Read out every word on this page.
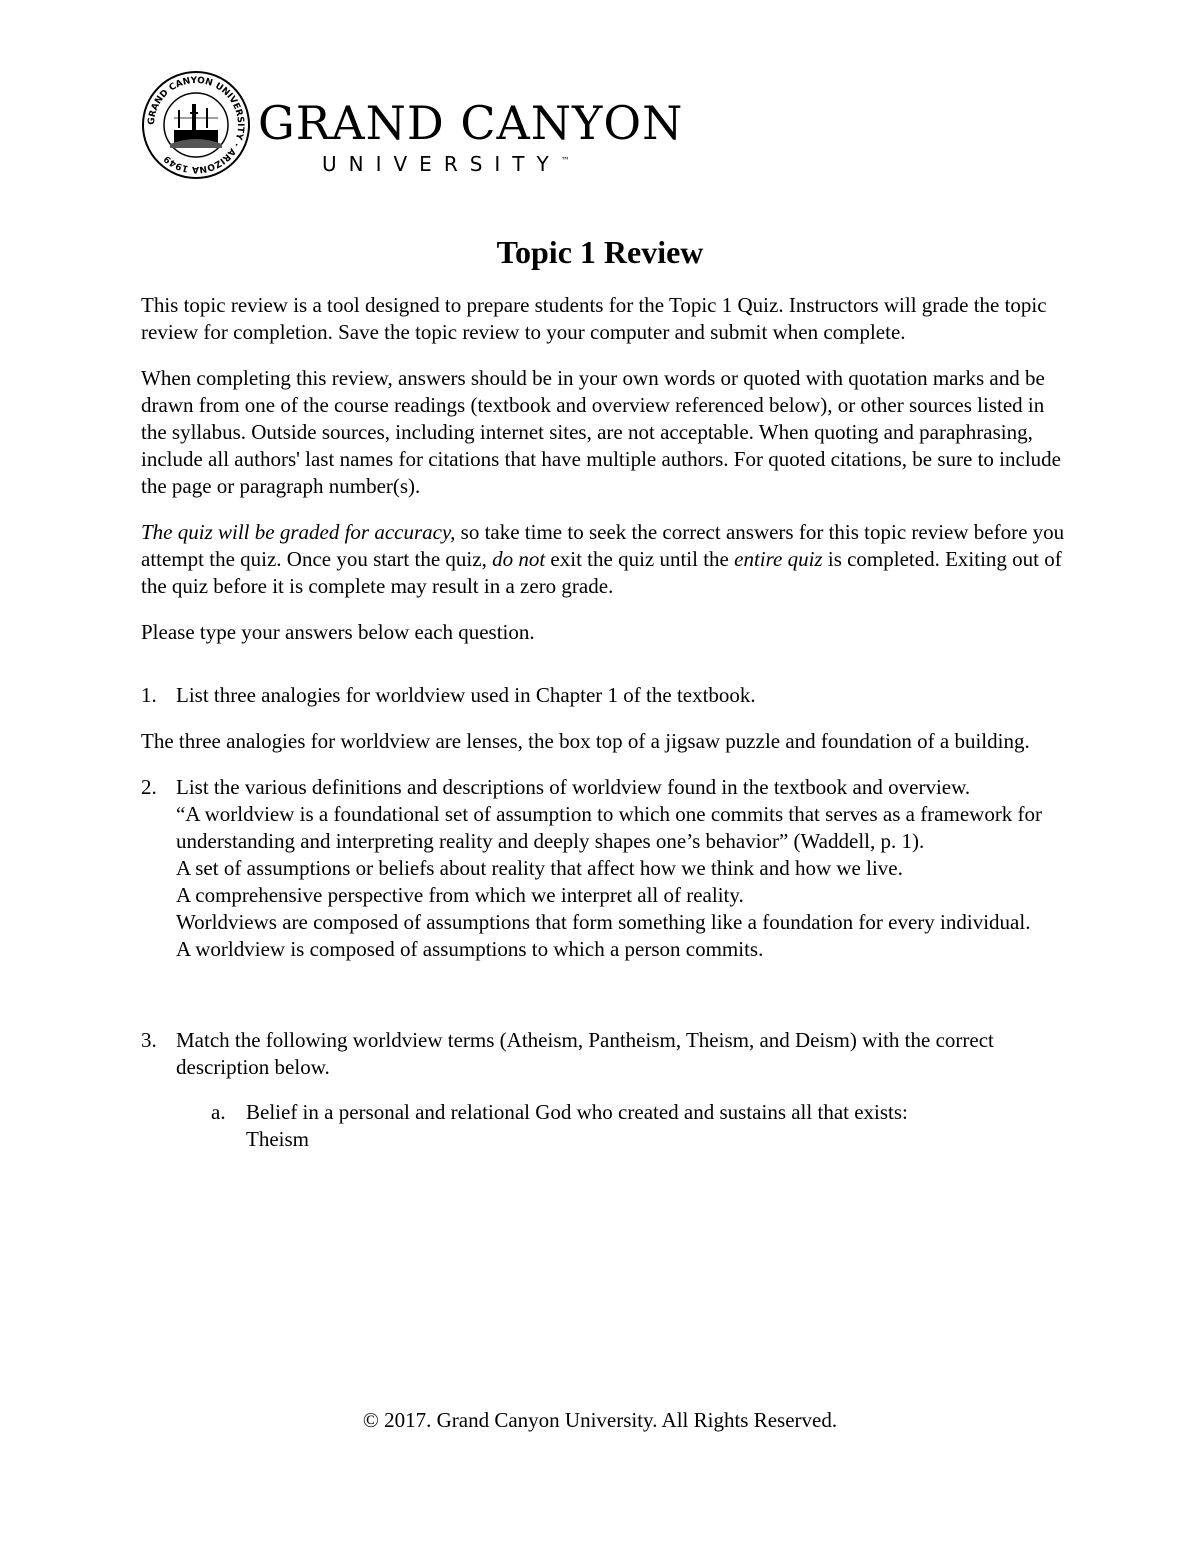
GRAND CANYON UNIVERSITY · ARIZONA 1949
GRAND CANYON
UNIVERSITY™
Topic 1 Review

This topic review is a tool designed to prepare students for the Topic 1 Quiz. Instructors will grade the topic review for completion. Save the topic review to your computer and submit when complete.

When completing this review, answers should be in your own words or quoted with quotation marks and be drawn from one of the course readings (textbook and overview referenced below), or other sources listed in the syllabus. Outside sources, including internet sites, are not acceptable. When quoting and paraphrasing, include all authors' last names for citations that have multiple authors. For quoted citations, be sure to include the page or paragraph number(s).

The quiz will be graded for accuracy, so take time to seek the correct answers for this topic review before you attempt the quiz. Once you start the quiz, do not exit the quiz until the entire quiz is completed. Exiting out of the quiz before it is complete may result in a zero grade.

Please type your answers below each question.

1. List three analogies for worldview used in Chapter 1 of the textbook.

The three analogies for worldview are lenses, the box top of a jigsaw puzzle and foundation of a building.

2. List the various definitions and descriptions of worldview found in the textbook and overview.
“A worldview is a foundational set of assumption to which one commits that serves as a framework for understanding and interpreting reality and deeply shapes one’s behavior” (Waddell, p. 1).
A set of assumptions or beliefs about reality that affect how we think and how we live.
A comprehensive perspective from which we interpret all of reality.
Worldviews are composed of assumptions that form something like a foundation for every individual.
A worldview is composed of assumptions to which a person commits.
3. Match the following worldview terms (Atheism, Pantheism, Theism, and Deism) with the correct description below.
a. Belief in a personal and relational God who created and sustains all that exists:
Theism
© 2017. Grand Canyon University. All Rights Reserved.
